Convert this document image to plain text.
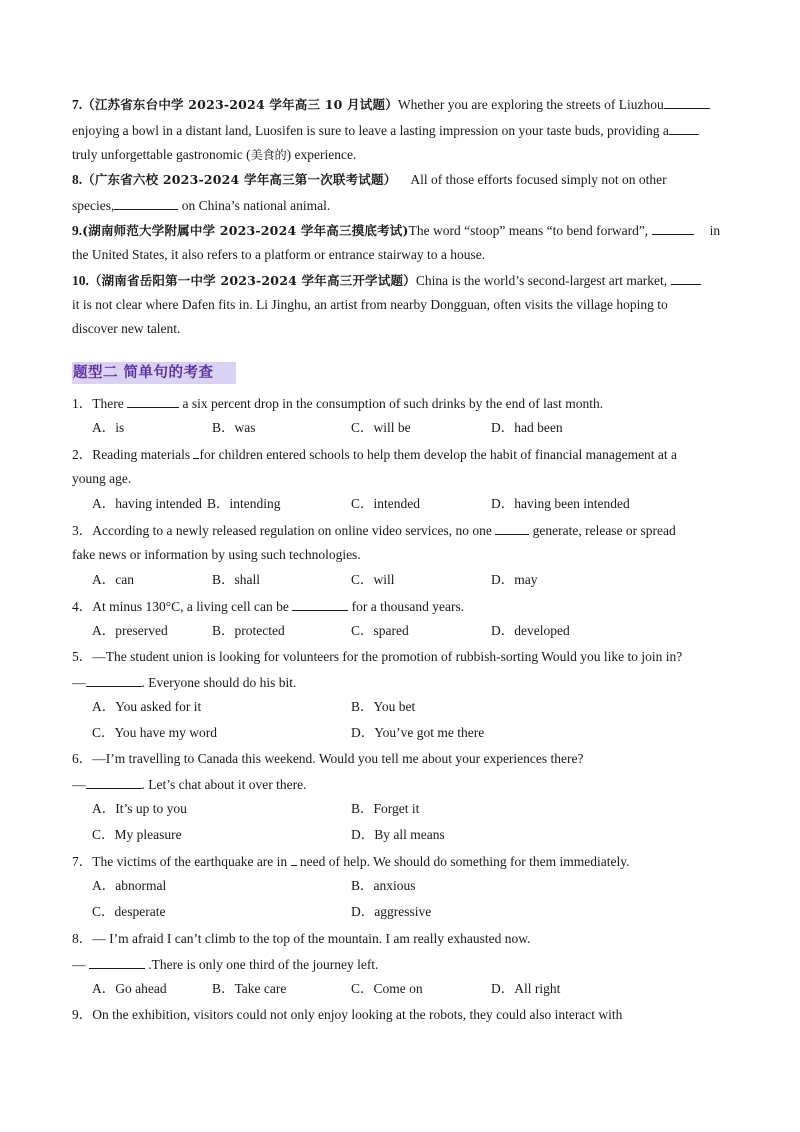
7.（江苏省东台中学 2023-2024 学年高三 10 月试题）Whether you are exploring the streets of Liuzhou
enjoying a bowl in a distant land, Luosifen is sure to leave a lasting impression on your taste buds, providing a
truly unforgettable gastronomic (美食的) experience.
8.（广东省六校 2023-2024 学年高三第一次联考试题） All of those efforts focused simply not on other
species,	on China’s national animal.
9.(湖南师范大学附属中学 2023-2024 学年高三摸底考试)The word “stoop” means “to bend forward”,	in
the United States, it also refers to a platform or entrance stairway to a house.
10.（湖南省岳阳第一中学 2023-2024 学年高三开学试题）China is the world’s second-largest art market,
it is not clear where Dafen fits in. Li Jinghu, an artist from nearby Dongguan, often visits the village hoping to
discover new talent.
题型二 简单句的考查
1．There	a six percent drop in the consumption of such drinks by the end of last month.
A．is	B．was	C．will be	D．had been
2．Reading materials for children entered schools to help them develop the habit of financial management at a
young age.
A．having intended B．intending	C．intended	D．having been intended
3．According to a newly released regulation on online video services, no one	generate, release or spread
fake news or information by using such technologies.
A．can	B．shall	C．will	D．may
4．At minus 130°C, a living cell can be	for a thousand years.
A．preserved	B．protected	C．spared	D．developed
5．—The student union is looking for volunteers for the promotion of rubbish-sorting Would you like to join in?
—	. Everyone should do his bit.
A．You asked for it	B．You bet
C．You have my word	D．You’ve got me there
6．—I’m travelling to Canada this weekend. Would you tell me about your experiences there?
—	. Let’s chat about it over there.
A．It’s up to you	B．Forget it
C．My pleasure	D．By all means
7．The victims of the earthquake are in  need of help. We should do something for them immediately.
A．abnormal	B．anxious
C．desperate	D．aggressive
8．— I’m afraid I can’t climb to the top of the mountain. I am really exhausted now.
—	.There is only one third of the journey left.
A．Go ahead	B．Take care	C．Come on	D．All right
9．On the exhibition, visitors could not only enjoy looking at the robots, they could also interact with
